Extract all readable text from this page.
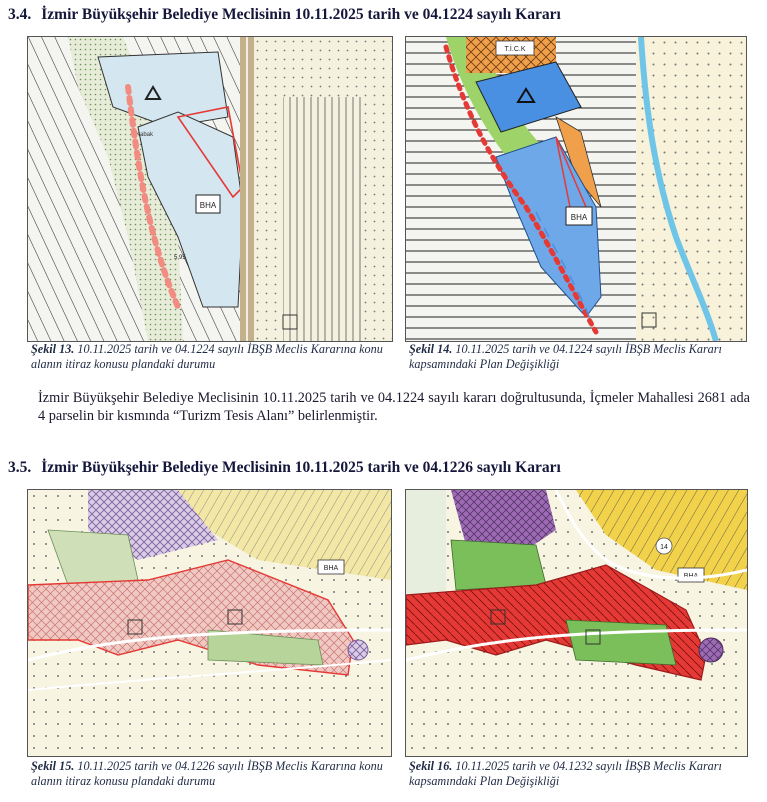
3.4. İzmir Büyükşehir Belediye Meclisinin 10.11.2025 tarih ve 04.1224 sayılı Kararı
BHA
5,95
Kabak
Şekil 13. 10.11.2025 tarih ve 04.1224 sayılı İBŞB Meclis Kararına konu alanın itiraz konusu plandaki durumu
T.İ.C.K
BHA
Şekil 14. 10.11.2025 tarih ve 04.1224 sayılı İBŞB Meclis Kararı kapsamındaki Plan Değişikliği
İzmir Büyükşehir Belediye Meclisinin 10.11.2025 tarih ve 04.1224 sayılı kararı doğrultusunda, İçmeler Mahallesi 2681 ada 4 parselin bir kısmında “Turizm Tesis Alanı” belirlenmiştir.
3.5. İzmir Büyükşehir Belediye Meclisinin 10.11.2025 tarih ve 04.1226 sayılı Kararı
BHA
Şekil 15. 10.11.2025 tarih ve 04.1226 sayılı İBŞB Meclis Kararına konu alanın itiraz konusu plandaki durumu
BHA
14
Şekil 16. 10.11.2025 tarih ve 04.1232 sayılı İBŞB Meclis Kararı kapsamındaki Plan Değişikliği
